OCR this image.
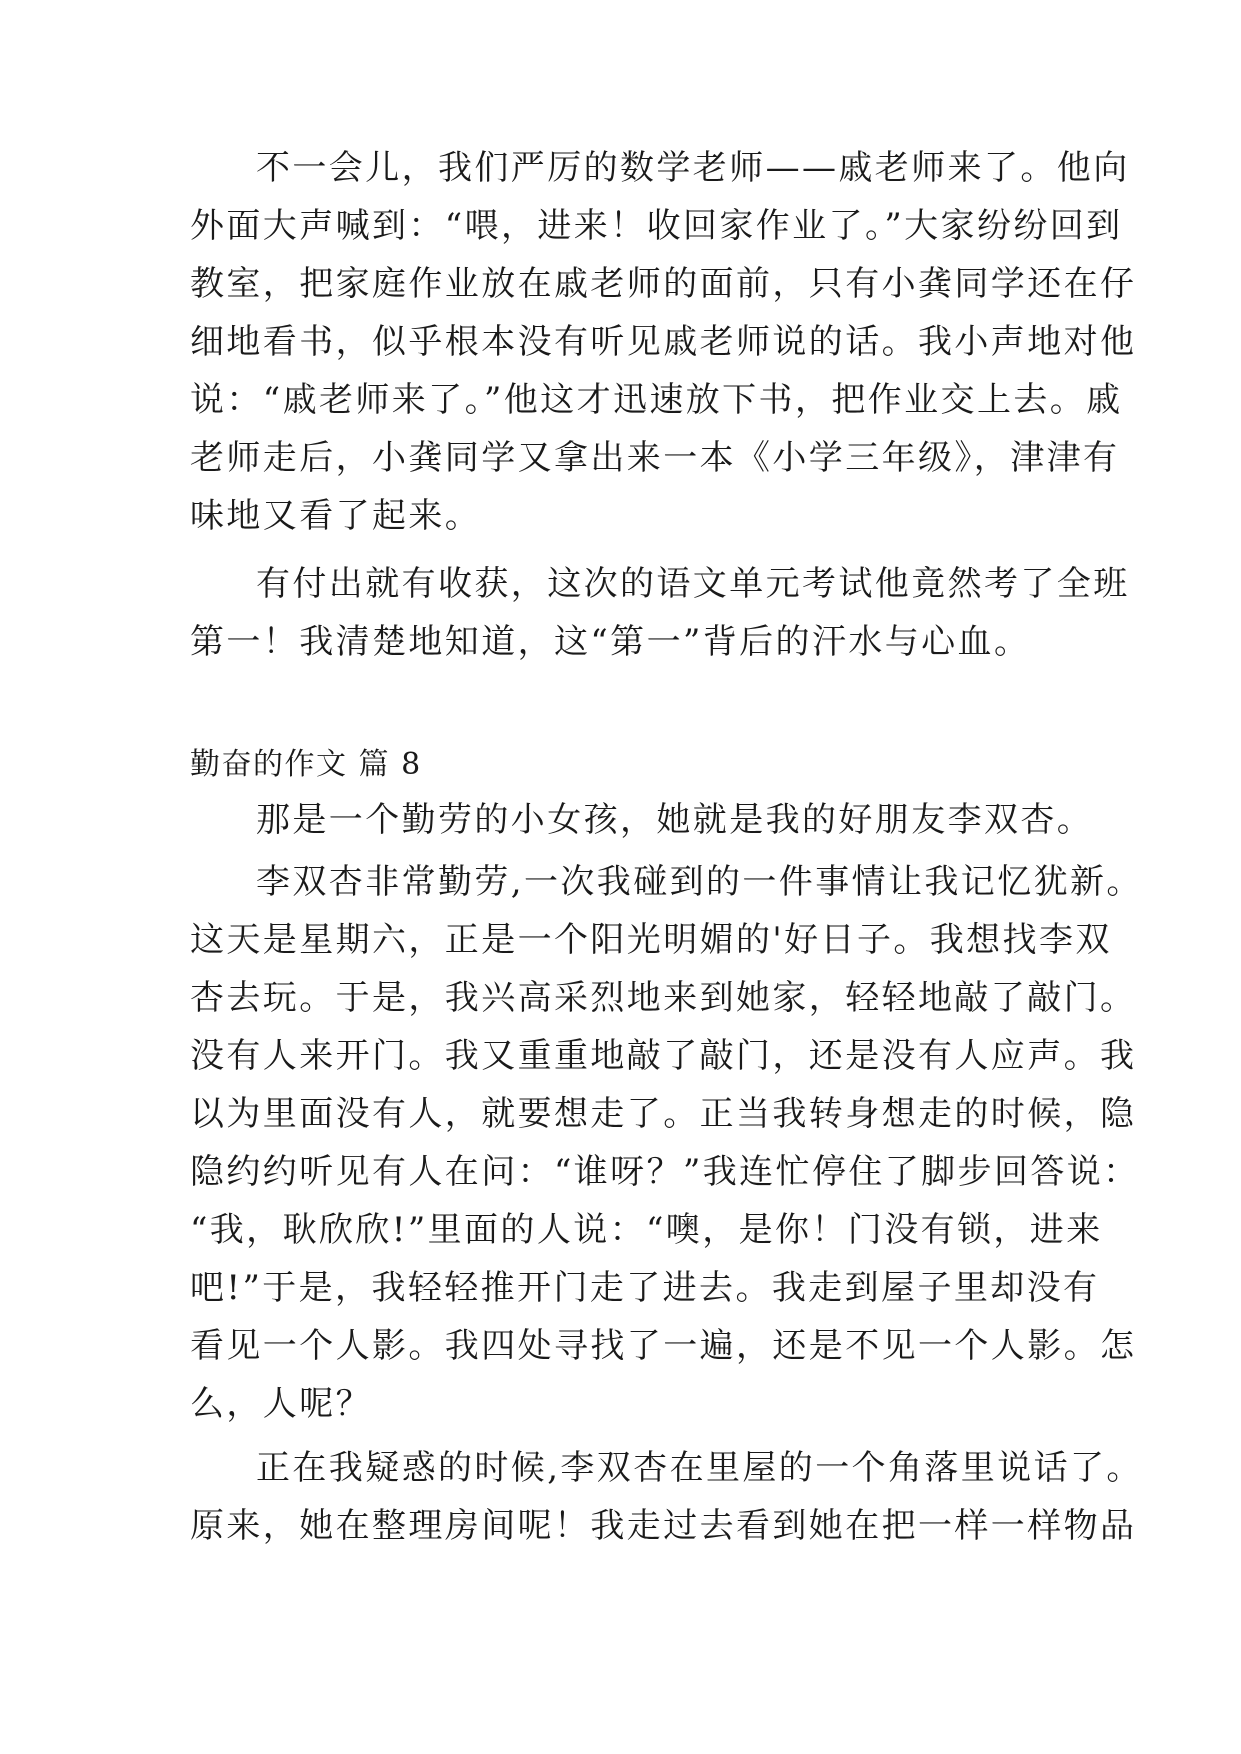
不一会儿，我们严厉的数学老师——戚老师来了。他向
外面大声喊到：“喂，进来！收回家作业了。”大家纷纷回到
教室，把家庭作业放在戚老师的面前，只有小龚同学还在仔
细地看书，似乎根本没有听见戚老师说的话。我小声地对他
说：“戚老师来了。”他这才迅速放下书，把作业交上去。戚
老师走后，小龚同学又拿出来一本《小学三年级》，津津有
味地又看了起来。
有付出就有收获，这次的语文单元考试他竟然考了全班
第一！我清楚地知道，这“第一”背后的汗水与心血。
勤奋的作文 篇 8
那是一个勤劳的小女孩，她就是我的好朋友李双杏。
李双杏非常勤劳,一次我碰到的一件事情让我记忆犹新。
这天是星期六，正是一个阳光明媚的'好日子。我想找李双
杏去玩。于是，我兴高采烈地来到她家，轻轻地敲了敲门。
没有人来开门。我又重重地敲了敲门，还是没有人应声。我
以为里面没有人，就要想走了。正当我转身想走的时候，隐
隐约约听见有人在问：“谁呀？”我连忙停住了脚步回答说：
“我，耿欣欣!”里面的人说：“噢，是你！门没有锁，进来
吧!”于是，我轻轻推开门走了进去。我走到屋子里却没有
看见一个人影。我四处寻找了一遍，还是不见一个人影。怎
么，人呢？
正在我疑惑的时候,李双杏在里屋的一个角落里说话了。
原来，她在整理房间呢！我走过去看到她在把一样一样物品
